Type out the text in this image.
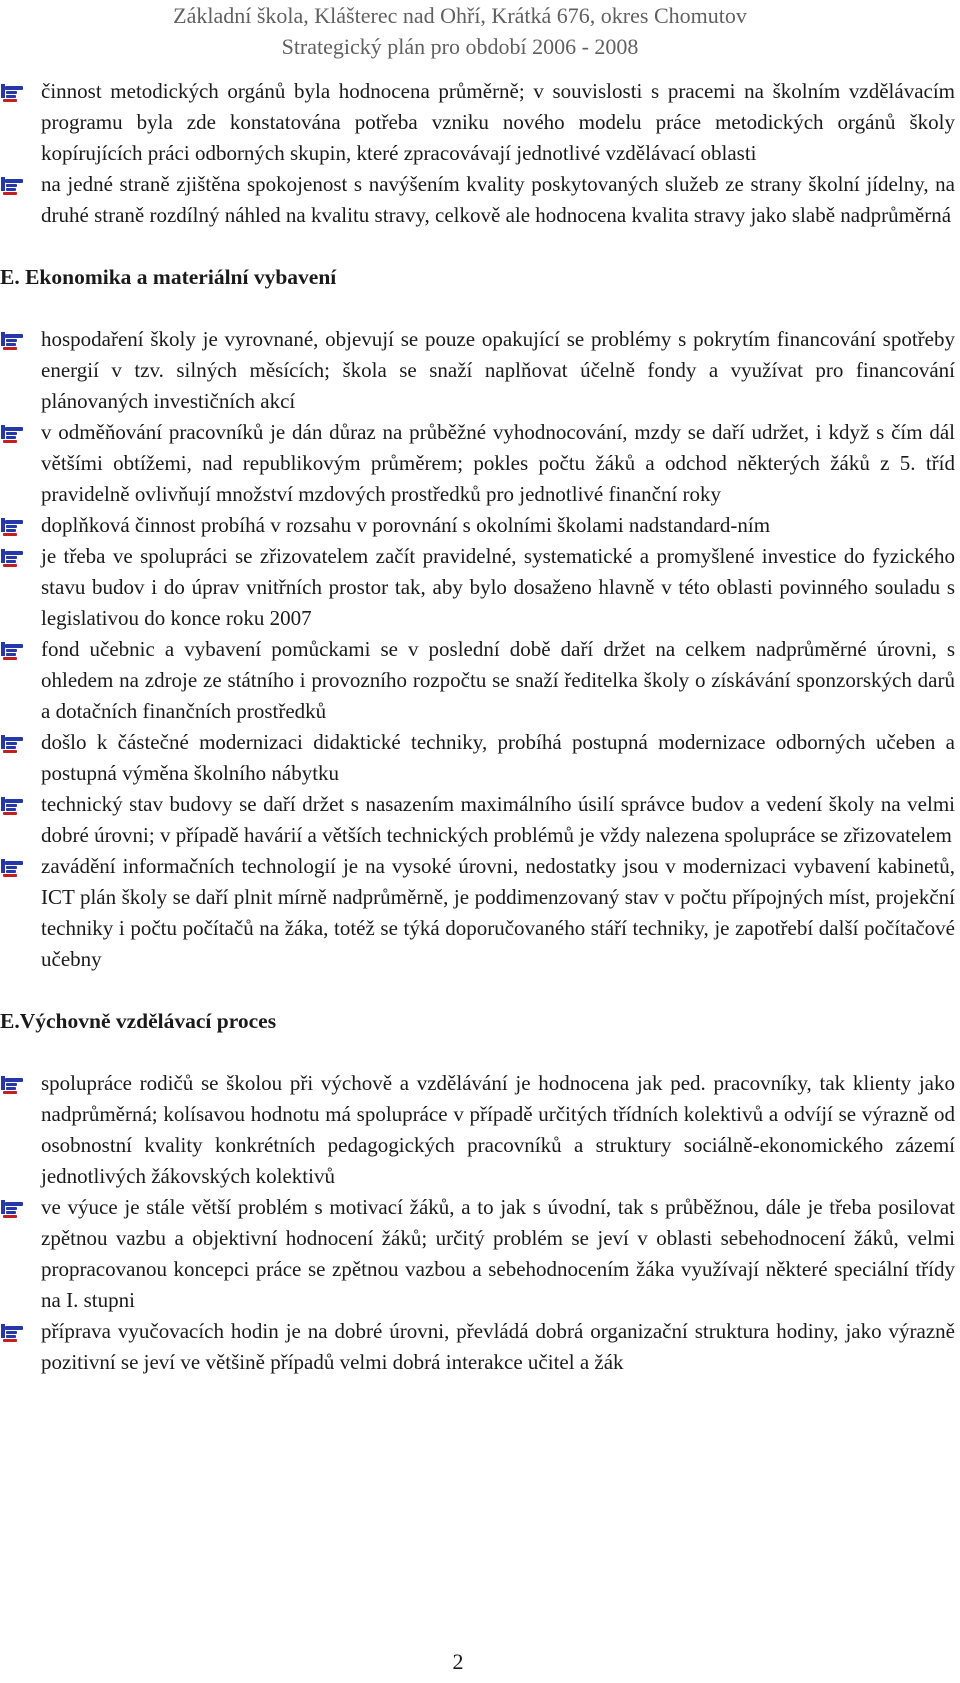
Základní škola, Klášterec nad Ohří, Krátká 676, okres Chomutov
Strategický plán pro období 2006 - 2008

činnost metodických orgánů byla hodnocena průměrně; v souvislosti s pracemi na školním vzdělávacím programu byla zde konstatována potřeba vzniku nového modelu práce metodických orgánů školy kopírujících práci odborných skupin, které zpracovávají jednotlivé vzdělávací oblasti

na jedné straně zjištěna spokojenost s navýšením kvality poskytovaných služeb ze strany školní jídelny, na druhé straně rozdílný náhled na kvalitu stravy, celkově ale hodnocena kvalita stravy jako slabě nadprůměrná

E. Ekonomika a materiální vybavení

hospodaření školy je vyrovnané, objevují se pouze opakující se problémy s pokrytím financování spotřeby energií v tzv. silných měsících; škola se snaží naplňovat účelně fondy a využívat pro financování plánovaných investičních akcí

v odměňování pracovníků je dán důraz na průběžné vyhodnocování, mzdy se daří udržet, i když s čím dál většími obtížemi, nad republikovým průměrem; pokles počtu žáků a odchod některých žáků z 5. tříd pravidelně ovlivňují množství mzdových prostředků pro jednotlivé finanční roky

doplňková činnost probíhá v rozsahu v porovnání s okolními školami nadstandard-ním

je třeba ve spolupráci se zřizovatelem začít pravidelné, systematické a promyšlené investice do fyzického stavu budov i do úprav vnitřních prostor tak, aby bylo dosaženo hlavně v této oblasti povinného souladu s legislativou do konce roku 2007

fond učebnic a vybavení pomůckami se v poslední době daří držet na celkem nadprůměrné úrovni, s ohledem na zdroje ze státního i provozního rozpočtu se snaží ředitelka školy o získávání sponzorských darů a dotačních finančních prostředků

došlo k částečné modernizaci didaktické techniky, probíhá postupná modernizace odborných učeben a postupná výměna školního nábytku

technický stav budovy se daří držet s nasazením maximálního úsilí správce budov a vedení školy na velmi dobré úrovni; v případě havárií a větších technických problémů je vždy nalezena spolupráce se zřizovatelem

zavádění informačních technologií je na vysoké úrovni, nedostatky jsou v modernizaci vybavení kabinetů, ICT plán školy se daří plnit mírně nadprůměrně, je poddimenzovaný stav v počtu přípojných míst, projekční techniky i počtu počítačů na žáka, totéž se týká doporučovaného stáří techniky, je zapotřebí další počítačové učebny

E.Výchovně vzdělávací proces

spolupráce rodičů se školou při výchově a vzdělávání je hodnocena jak ped. pracovníky, tak klienty jako nadprůměrná; kolísavou hodnotu má spolupráce v případě určitých třídních kolektivů a odvíjí se výrazně od osobnostní kvality konkrétních pedagogických pracovníků a struktury sociálně-ekonomického zázemí jednotlivých žákovských kolektivů

ve výuce je stále větší problém s motivací žáků, a to jak s úvodní, tak s průběžnou, dále je třeba posilovat zpětnou vazbu a objektivní hodnocení žáků; určitý problém se jeví v oblasti sebehodnocení žáků, velmi propracovanou koncepci práce se zpětnou vazbou a sebehodnocením žáka využívají některé speciální třídy na I. stupni

příprava vyučovacích hodin je na dobré úrovni, převládá dobrá organizační struktura hodiny, jako výrazně pozitivní se jeví ve většině případů velmi dobrá interakce učitel a žák

2
